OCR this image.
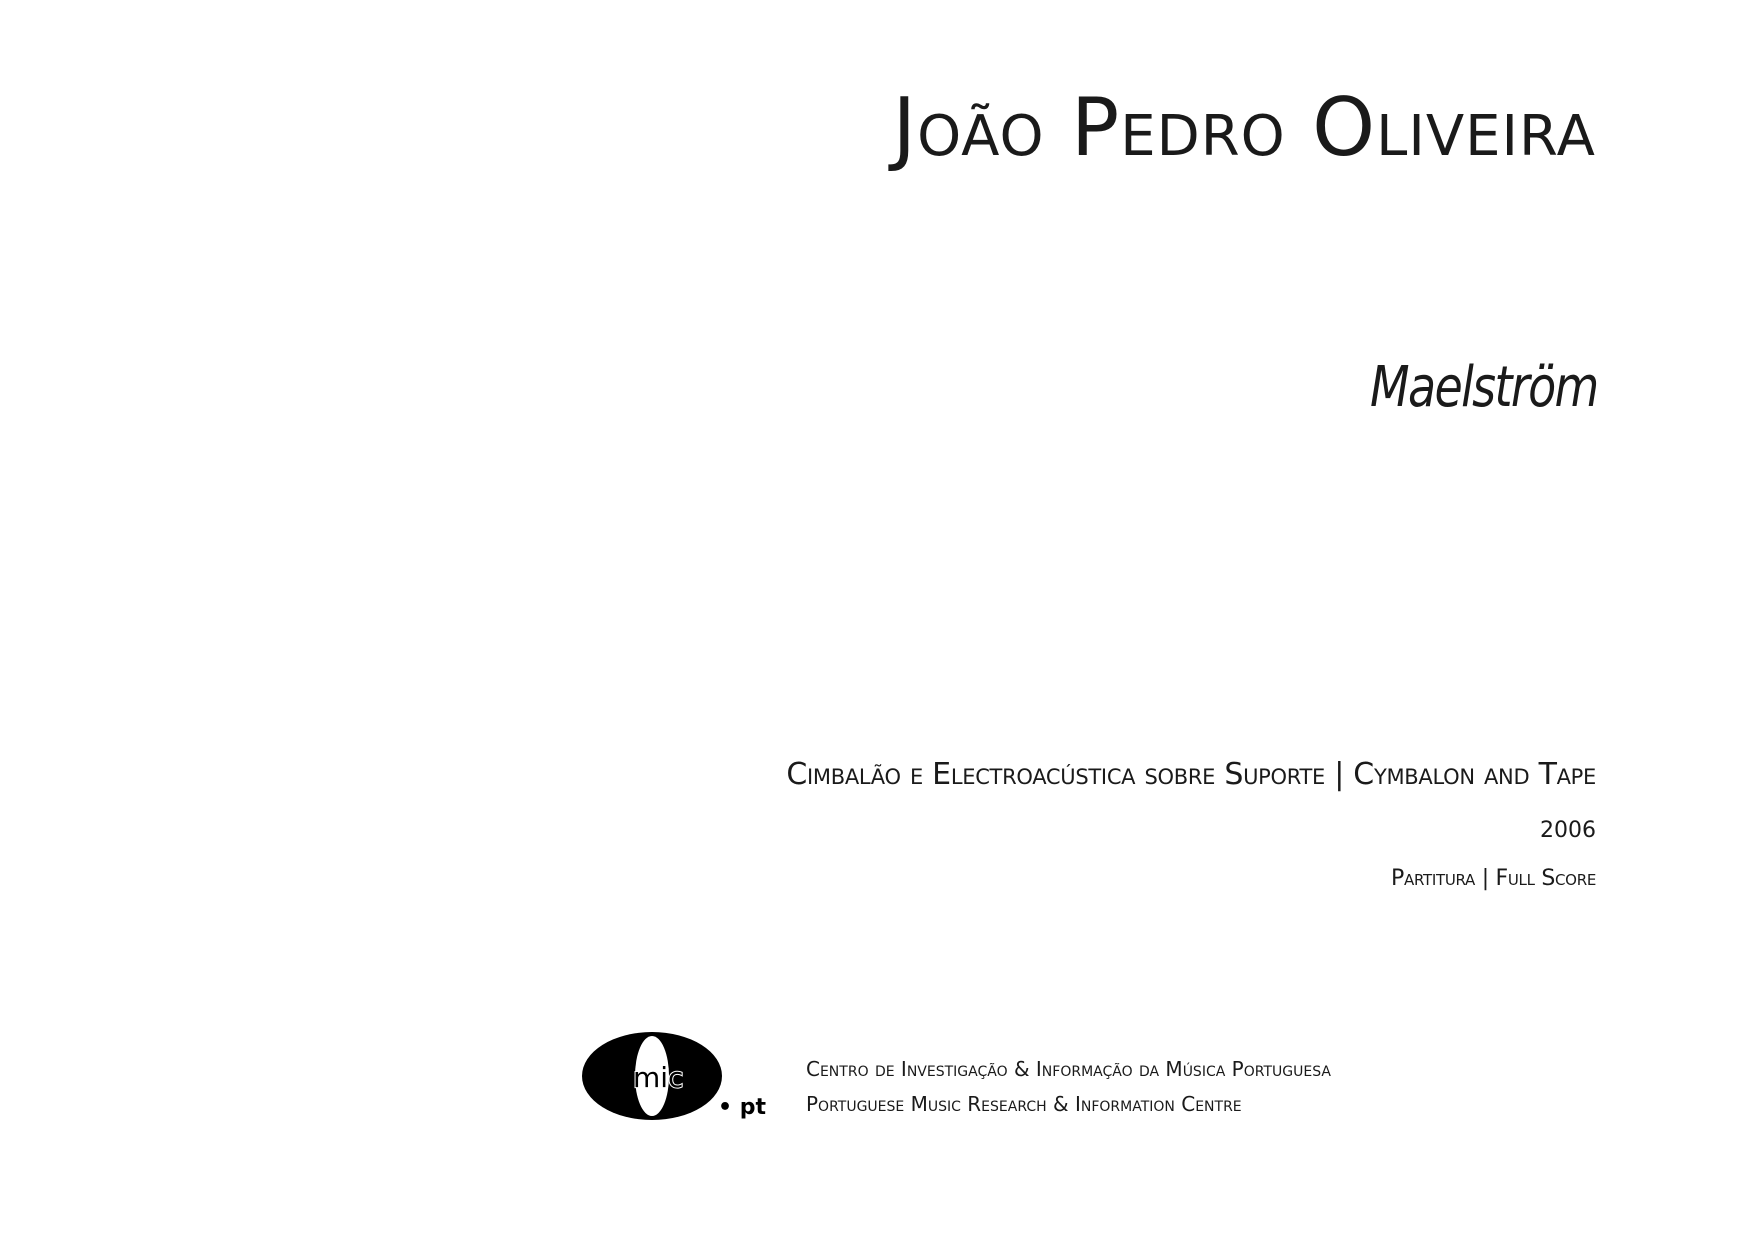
João Pedro Oliveira
Maelström
Cimbalão e Electroacústica sobre Suporte | Cymbalon and Tape
2006
Partitura | Full Score
mic
• pt
Centro de Investigação & Informação da Música Portuguesa
Portuguese Music Research & Information Centre
